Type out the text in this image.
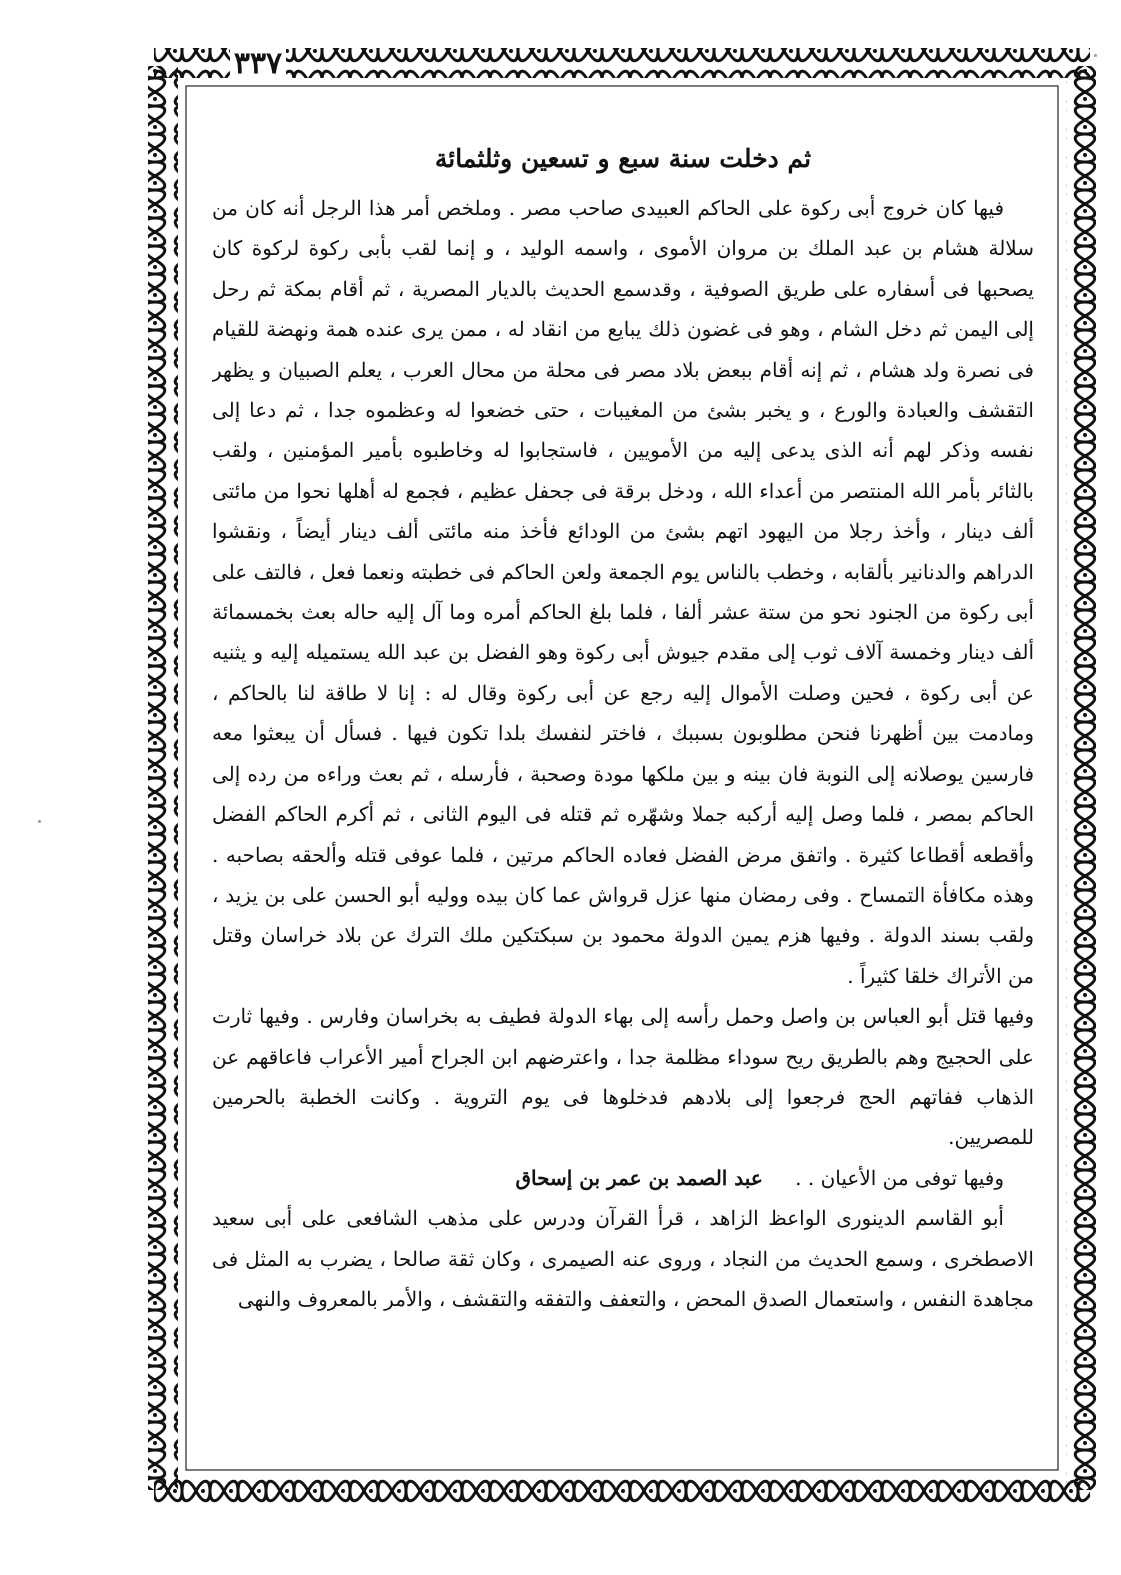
٣٣٧
ثم دخلت سنة سبع و تسعين وثلثمائة

فيها كان خروج أبى ركوة على الحاكم العبيدى صاحب مصر . وملخص أمر هذا الرجل أنه كان من سلالة هشام بن عبد الملك بن مروان الأموى ، واسمه الوليد ، و إنما لقب بأبى ركوة لركوة كان يصحبها فى أسفاره على طريق الصوفية ، وقدسمع الحديث بالديار المصرية ، ثم أقام بمكة ثم رحل إلى اليمن ثم دخل الشام ، وهو فى غضون ذلك يبايع من انقاد له ، ممن يرى عنده همة ونهضة للقيام فى نصرة ولد هشام ، ثم إنه أقام ببعض بلاد مصر فى محلة من محال العرب ، يعلم الصبيان و يظهر التقشف والعبادة والورع ، و يخبر بشئ من المغيبات ، حتى خضعوا له وعظموه جدا ، ثم دعا إلى نفسه وذكر لهم أنه الذى يدعى إليه من الأمويين ، فاستجابوا له وخاطبوه بأمير المؤمنين ، ولقب بالثائر بأمر الله المنتصر من أعداء الله ، ودخل برقة فى جحفل عظيم ، فجمع له أهلها نحوا من مائتى ألف دينار ، وأخذ رجلا من اليهود اتهم بشئ من الودائع فأخذ منه مائتى ألف دينار أيضاً ، ونقشوا الدراهم والدنانير بألقابه ، وخطب بالناس يوم الجمعة ولعن الحاكم فى خطبته ونعما فعل ، فالتف على أبى ركوة من الجنود نحو من ستة عشر ألفا ، فلما بلغ الحاكم أمره وما آل إليه حاله بعث بخمسمائة ألف دينار وخمسة آلاف ثوب إلى مقدم جيوش أبى ركوة وهو الفضل بن عبد الله يستميله إليه و يثنيه عن أبى ركوة ، فحين وصلت الأموال إليه رجع عن أبى ركوة وقال له : إنا لا طاقة لنا بالحاكم ، ومادمت بين أظهرنا فنحن مطلوبون بسببك ، فاختر لنفسك بلدا تكون فيها . فسأل أن يبعثوا معه فارسين يوصلانه إلى النوبة فان بينه و بين ملكها مودة وصحبة ، فأرسله ، ثم بعث وراءه من رده إلى الحاكم بمصر ، فلما وصل إليه أركبه جملا وشهّره ثم قتله فى اليوم الثانى ، ثم أكرم الحاكم الفضل وأقطعه أقطاعا كثيرة . واتفق مرض الفضل فعاده الحاكم مرتين ، فلما عوفى قتله وألحقه بصاحبه . وهذه مكافأة التمساح . وفى رمضان منها عزل قرواش عما كان بيده ووليه أبو الحسن على بن يزيد ، ولقب بسند الدولة . وفيها هزم يمين الدولة محمود بن سبكتكين ملك الترك عن بلاد خراسان وقتل من الأتراك خلقا كثيراً .

وفيها قتل أبو العباس بن واصل وحمل رأسه إلى بهاء الدولة فطيف به بخراسان وفارس . وفيها ثارت على الحجيج وهم بالطريق ريح سوداء مظلمة جدا ، واعترضهم ابن الجراح أمير الأعراب فاعاقهم عن الذهاب ففاتهم الحج فرجعوا إلى بلادهم فدخلوها فى يوم التروية . وكانت الخطبة بالحرمين للمصريين.

وفيها توفى من الأعيان . . عبد الصمد بن عمر بن إسحاق

أبو القاسم الدينورى الواعظ الزاهد ، قرأ القرآن ودرس على مذهب الشافعى على أبى سعيد الاصطخرى ، وسمع الحديث من النجاد ، وروى عنه الصيمرى ، وكان ثقة صالحا ، يضرب به المثل فى مجاهدة النفس ، واستعمال الصدق المحض ، والتعفف والتفقه والتقشف ، والأمر بالمعروف والنهى
